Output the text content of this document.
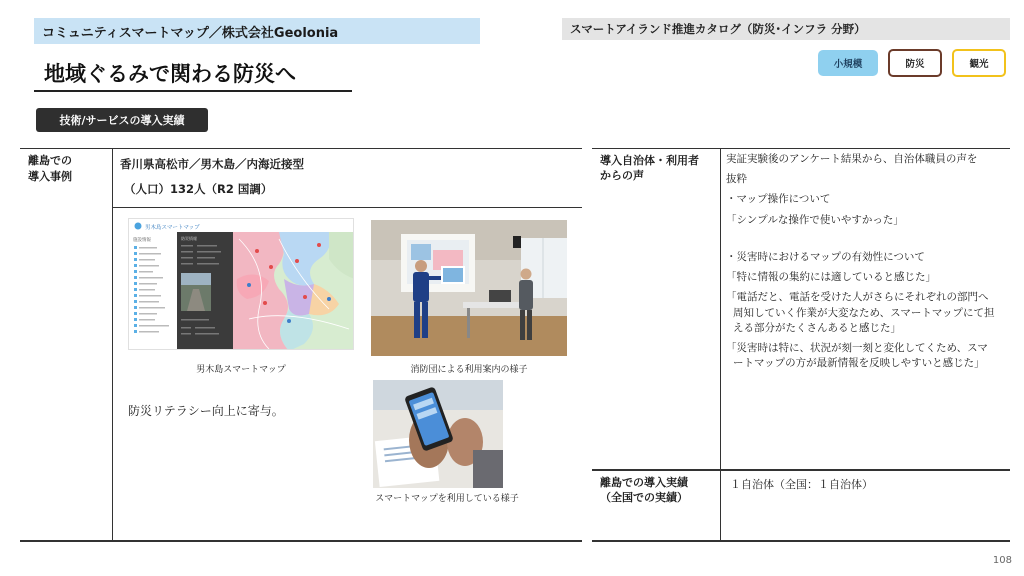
コミュニティスマートマップ／株式会社Geolonia	スマートアイランド推進カタログ（防災･インフラ 分野）
小規模	防災	観光
地域ぐるみで関わる防災へ
技術/サービスの導入実績
離島での
導入事例
香川県高松市／男木島／内海近接型
（人口）132人（R2 国調）
男木島スマートマップ
施設情報	防災情報
男木島スマートマップ	消防団による利用案内の様子
スマートマップを利用している様子
防災リテラシー向上に寄与。
導入自治体・利用者
からの声
実証実験後のアンケート結果から、自治体職員の声を
抜粋
・マップ操作について
「シンプルな操作で使いやすかった」
・災害時におけるマップの有効性について
「特に情報の集約には適していると感じた」
「電話だと、電話を受けた人がさらにそれぞれの部門へ
周知していく作業が大変なため、スマートマップにて担
える部分がたくさんあると感じた」
「災害時は特に、状況が刻一刻と変化してくため、スマ
ートマップの方が最新情報を反映しやすいと感じた」
離島での導入実績
（全国での実績）
１自治体（全国：１自治体）
108
